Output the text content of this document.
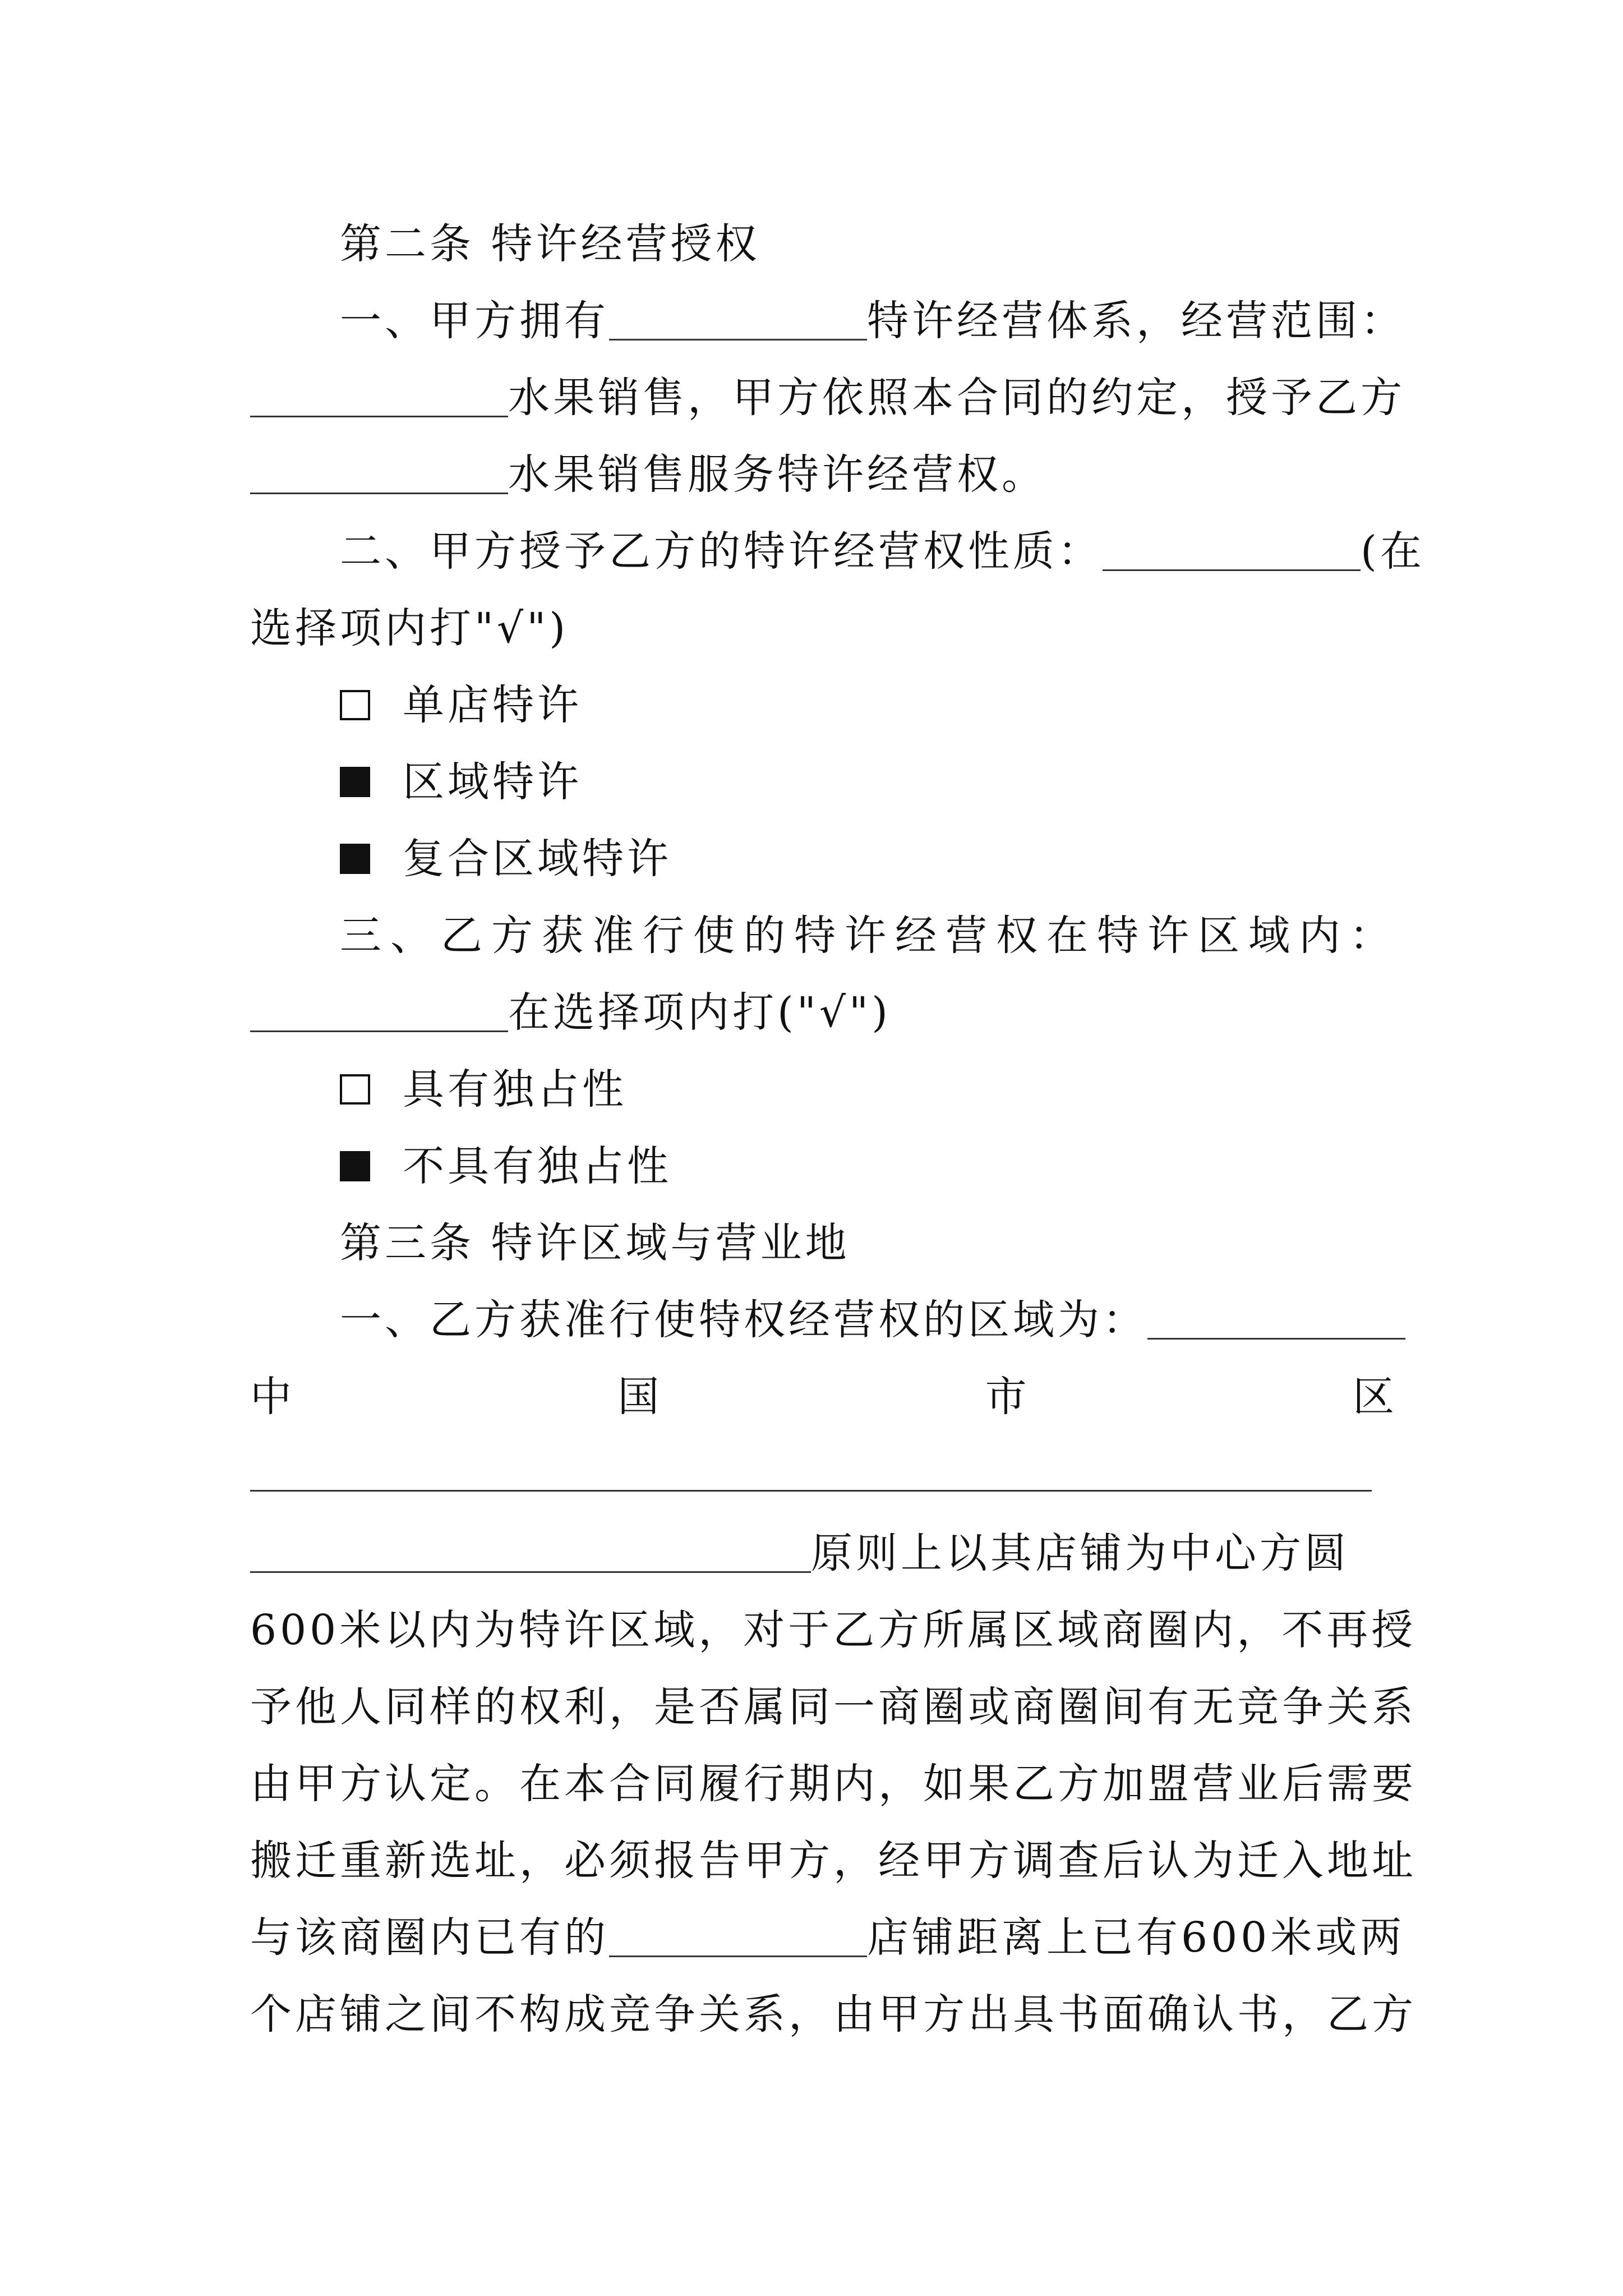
第二条 特许经营授权
一、甲方拥有	特许经营体系，经营范围：
水果销售，甲方依照本合同的约定，授予乙方
水果销售服务特许经营权。
二、甲方授予乙方的特许经营权性质：	(在
选择项内打"√")
单店特许
区域特许
复合区域特许
三、乙方获准行使的特许经营权在特许区域内：
在选择项内打("√")
具有独占性
不具有独占性
第三条 特许区域与营业地
一、乙方获准行使特权经营权的区域为：
中	国	市	区
原则上以其店铺为中心方圆
600米以内为特许区域，对于乙方所属区域商圈内，不再授
予他人同样的权利，是否属同一商圈或商圈间有无竞争关系
由甲方认定。在本合同履行期内，如果乙方加盟营业后需要
搬迁重新选址，必须报告甲方，经甲方调查后认为迁入地址
与该商圈内已有的	店铺距离上已有600米或两
个店铺之间不构成竞争关系，由甲方出具书面确认书，乙方
